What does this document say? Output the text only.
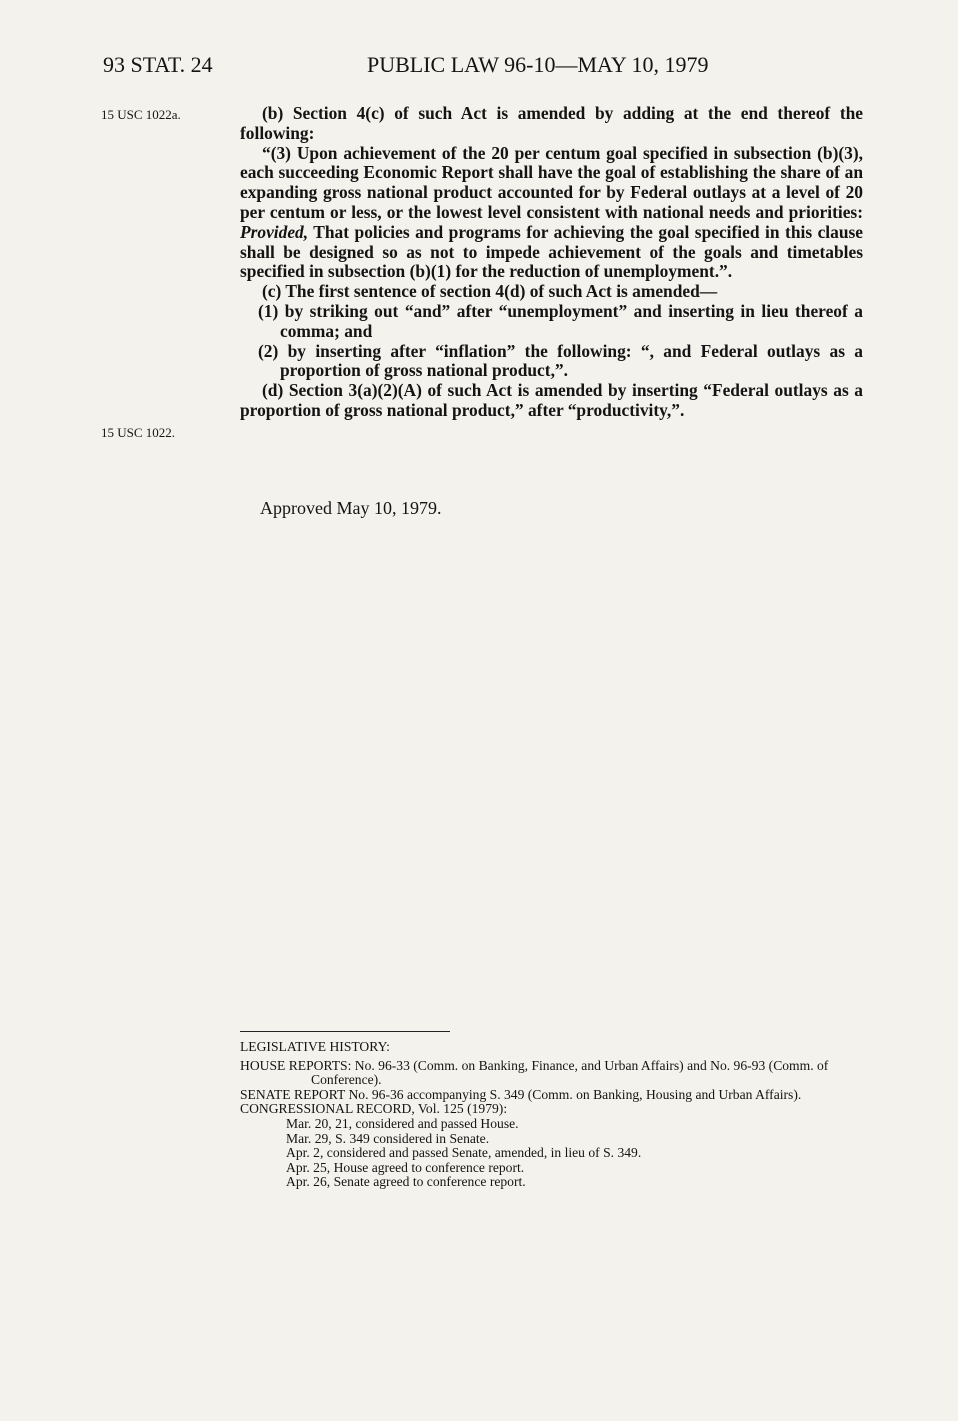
93 STAT. 24	PUBLIC LAW 96-10—MAY 10, 1979
15 USC 1022a.
15 USC 1022.

(b) Section 4(c) of such Act is amended by adding at the end thereof the following:

“(3) Upon achievement of the 20 per centum goal specified in subsection (b)(3), each succeeding Economic Report shall have the goal of establishing the share of an expanding gross national product accounted for by Federal outlays at a level of 20 per centum or less, or the lowest level consistent with national needs and priorities: Provided, That policies and programs for achieving the goal specified in this clause shall be designed so as not to impede achievement of the goals and timetables specified in subsection (b)(1) for the reduction of unemployment.”.

(c) The first sentence of section 4(d) of such Act is amended—

(1) by striking out “and” after “unemployment” and inserting in lieu thereof a comma; and

(2) by inserting after “inflation” the following: “, and Federal outlays as a proportion of gross national product,”.

(d) Section 3(a)(2)(A) of such Act is amended by inserting “Federal outlays as a proportion of gross national product,” after “productivity,”.

Approved May 10, 1979.

LEGISLATIVE HISTORY:

HOUSE REPORTS: No. 96-33 (Comm. on Banking, Finance, and Urban Affairs) and No. 96-93 (Comm. of Conference).

SENATE REPORT No. 96-36 accompanying S. 349 (Comm. on Banking, Housing and Urban Affairs).

CONGRESSIONAL RECORD, Vol. 125 (1979):

Mar. 20, 21, considered and passed House.

Mar. 29, S. 349 considered in Senate.

Apr. 2, considered and passed Senate, amended, in lieu of S. 349.

Apr. 25, House agreed to conference report.

Apr. 26, Senate agreed to conference report.
